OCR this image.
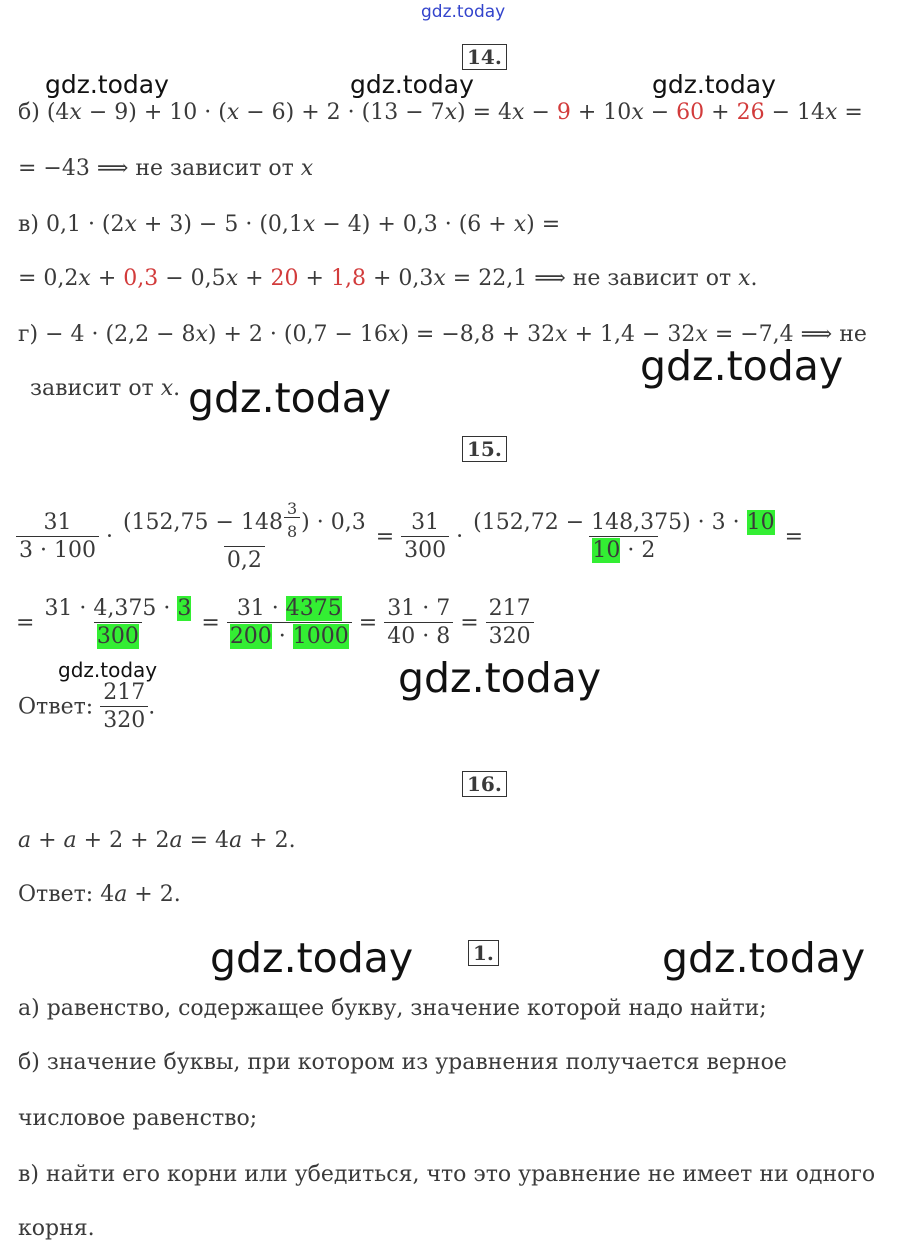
gdz.today
14.
gdz.today	gdz.today	gdz.today
б) (4x − 9) + 10 · (x − 6) + 2 · (13 − 7x) = 4x − 9 + 10x − 60 + 26 − 14x =
= −43 ⟹ не зависит от x
в) 0,1 · (2x + 3) − 5 · (0,1x − 4) + 0,3 · (6 + x) =
= 0,2x + 0,3 − 0,5x + 20 + 1,8 + 0,3x = 22,1 ⟹ не зависит от x.
г) − 4 · (2,2 − 8x) + 2 · (0,7 − 16x) = −8,8 + 32x + 1,4 − 32x = −7,4 ⟹ не
gdz.today
зависит от x. gdz.today
15.
$\frac{31}{3 \cdot 100} \cdot \frac{(152,75 - 148 \frac{3}{8} ) \cdot 0,3}{0,2} = \frac{31}{300} \cdot \frac{(152,72 - 148,375) \cdot 3 \cdot 10}{10 \cdot 2}$ =
= $\frac{31 \cdot 4,375 \cdot 3}{300} = \frac{31 \cdot 4375}{200 \cdot 1000} = \frac{31 \cdot 7}{40 \cdot 8} = \frac{217}{320}$
gdz.today	gdz.today
Ответ: $\frac{217}{320}$ .
16.
a + a + 2 + 2a = 4a + 2.
Ответ: 4a + 2.
gdz.today	1.	gdz.today
а) равенство, содержащее букву, значение которой надо найти;
б) значение буквы, при котором из уравнения получается верное
числовое равенство;
в) найти его корни или убедиться, что это уравнение не имеет ни одного
корня.
